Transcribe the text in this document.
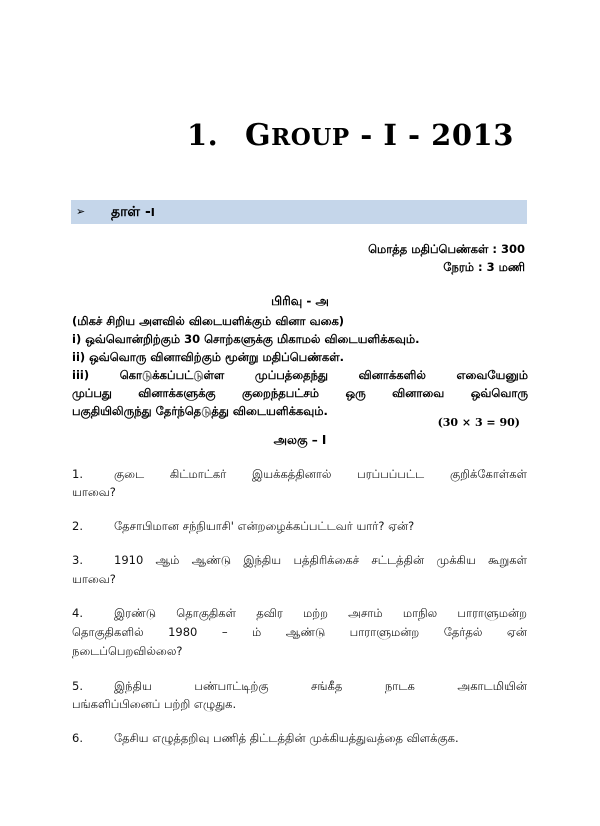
1. GROUP - I - 2013
➢ தாள் -I
மொத்த மதிப்பெண்கள் : 300
நேரம் : 3 மணி
பிரிவு - அ
(மிகச் சிறிய அளவில் விடையளிக்கும் வினா வகை)
i) ஒவ்வொன்றிற்கும் 30 சொற்களுக்கு மிகாமல் விடையளிக்கவும்.
ii) ஒவ்வொரு வினாவிற்கும் மூன்று மதிப்பெண்கள்.
iii) கொடுக்கப்பட்டுள்ள முப்பத்தைந்து வினாக்களில் எவையேனும்
முப்பது வினாக்களுக்கு குறைந்தபட்சம் ஒரு வினாவை ஒவ்வொரு
பகுதியிலிருந்து தேர்ந்தெடுத்து விடையளிக்கவும்.
(30 × 3 = 90)
அலகு – I
1.	குடை கிட்மாட்கர் இயக்கத்தினால் பரப்பப்பட்ட குறிக்கோள்கள்
யாவை?
2.	தேசாபிமான சந்நியாசி' என்றழைக்கப்பட்டவர் யார்? ஏன்?
3.	1910 ஆம் ஆண்டு இந்திய பத்திரிக்கைச் சட்டத்தின் முக்கிய கூறுகள்
யாவை?
4.	இரண்டு தொகுதிகள் தவிர மற்ற அசாம் மாநில பாராளுமன்ற
தொகுதிகளில் 1980 – ம் ஆண்டு பாராளுமன்ற தேர்தல் ஏன்
நடைப்பெறவில்லை?
5.	இந்திய பண்பாட்டிற்கு சங்கீத நாடக அகாடமியின்
பங்களிப்பினைப் பற்றி எழுதுக.
6.	தேசிய எழுத்தறிவு பணித் திட்டத்தின் முக்கியத்துவத்தை விளக்குக.
